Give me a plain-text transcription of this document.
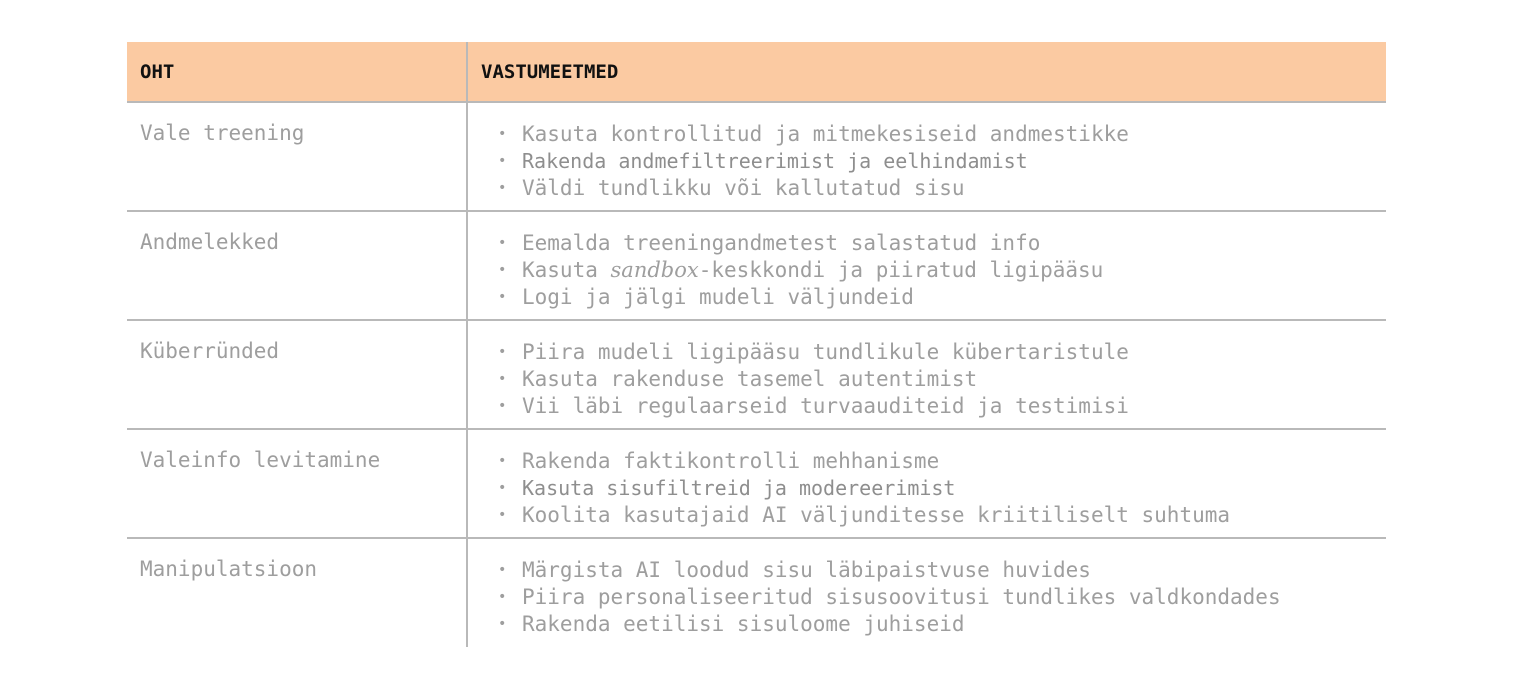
OHT	VASTUMEETMED
Vale treening	• Kasuta kontrollitud ja mitmekesiseid andmestikke
• Rakenda andmefiltreerimist ja eelhindamist
• Väldi tundlikku või kallutatud sisu
Andmelekked	• Eemalda treeningandmetest salastatud info
• Kasuta sandbox-keskkondi ja piiratud ligipääsu
• Logi ja jälgi mudeli väljundeid
Küberründed	• Piira mudeli ligipääsu tundlikule kübertaristule
• Kasuta rakenduse tasemel autentimist
• Vii läbi regulaarseid turvaauditeid ja testimisi
Valeinfo levitamine	• Rakenda faktikontrolli mehhanisme
• Kasuta sisufiltreid ja modereerimist
• Koolita kasutajaid AI väljunditesse kriitiliselt suhtuma
Manipulatsioon	• Märgista AI loodud sisu läbipaistvuse huvides
• Piira personaliseeritud sisusoovitusi tundlikes valdkondades
• Rakenda eetilisi sisuloome juhiseid
